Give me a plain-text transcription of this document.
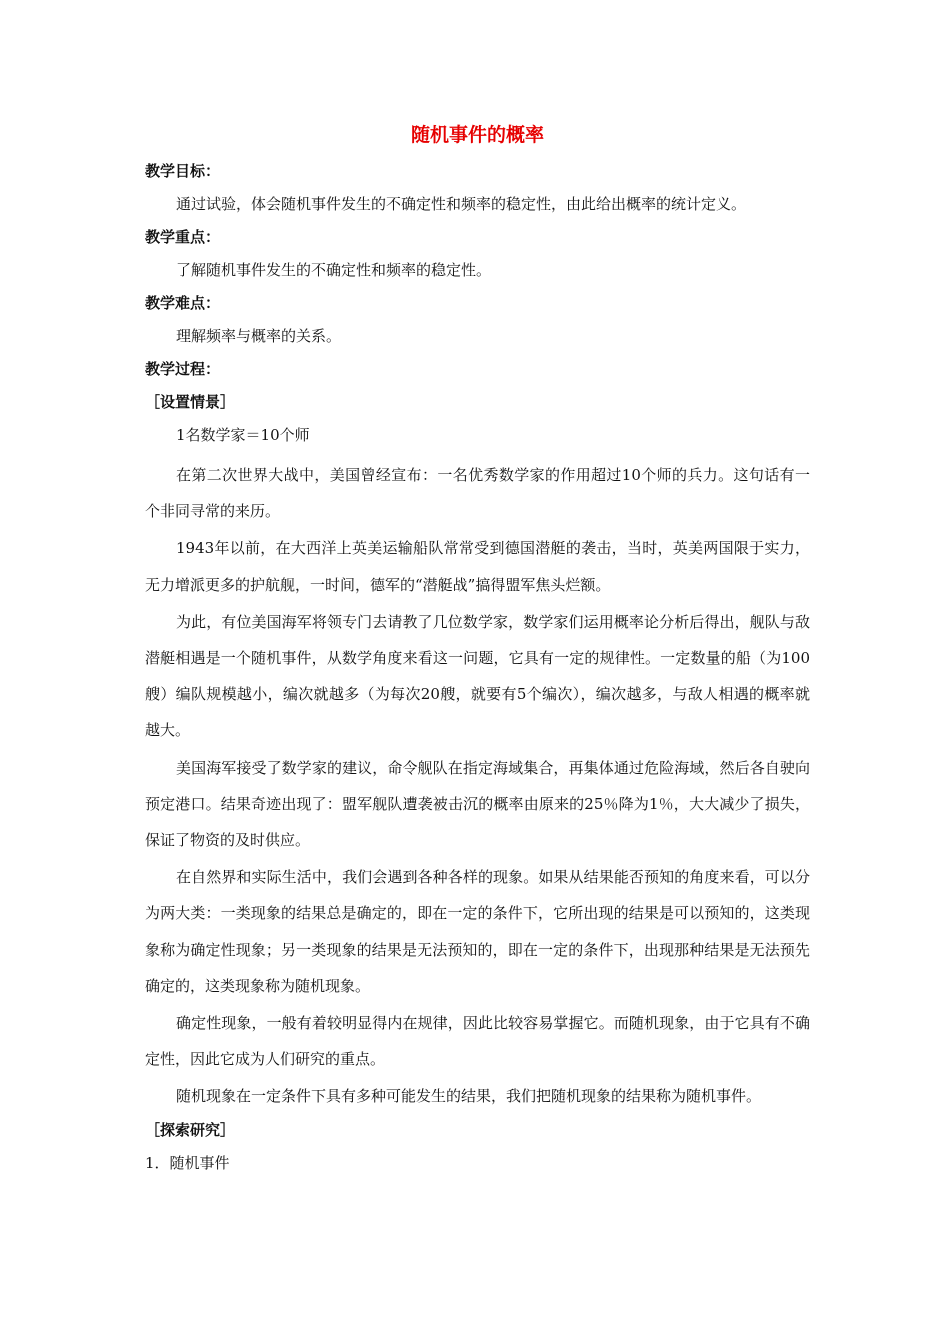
随机事件的概率
教学目标：
通过试验，体会随机事件发生的不确定性和频率的稳定性，由此给出概率的统计定义。
教学重点：
了解随机事件发生的不确定性和频率的稳定性。
教学难点：
理解频率与概率的关系。
教学过程：
［设置情景］
1名数学家＝10个师
在第二次世界大战中，美国曾经宣布：一名优秀数学家的作用超过10个师的兵力。这句话有一个非同寻常的来历。
1943年以前，在大西洋上英美运输船队常常受到德国潜艇的袭击，当时，英美两国限于实力，无力增派更多的护航舰，一时间，德军的“潜艇战”搞得盟军焦头烂额。
为此，有位美国海军将领专门去请教了几位数学家，数学家们运用概率论分析后得出，舰队与敌潜艇相遇是一个随机事件，从数学角度来看这一问题，它具有一定的规律性。一定数量的船（为100艘）编队规模越小，编次就越多（为每次20艘，就要有5个编次），编次越多，与敌人相遇的概率就越大。
美国海军接受了数学家的建议，命令舰队在指定海域集合，再集体通过危险海域，然后各自驶向预定港口。结果奇迹出现了：盟军舰队遭袭被击沉的概率由原来的25％降为1％，大大减少了损失，保证了物资的及时供应。
在自然界和实际生活中，我们会遇到各种各样的现象。如果从结果能否预知的角度来看，可以分为两大类：一类现象的结果总是确定的，即在一定的条件下，它所出现的结果是可以预知的，这类现象称为确定性现象；另一类现象的结果是无法预知的，即在一定的条件下，出现那种结果是无法预先确定的，这类现象称为随机现象。
确定性现象，一般有着较明显得内在规律，因此比较容易掌握它。而随机现象，由于它具有不确定性，因此它成为人们研究的重点。
随机现象在一定条件下具有多种可能发生的结果，我们把随机现象的结果称为随机事件。
［探索研究］
1．随机事件
